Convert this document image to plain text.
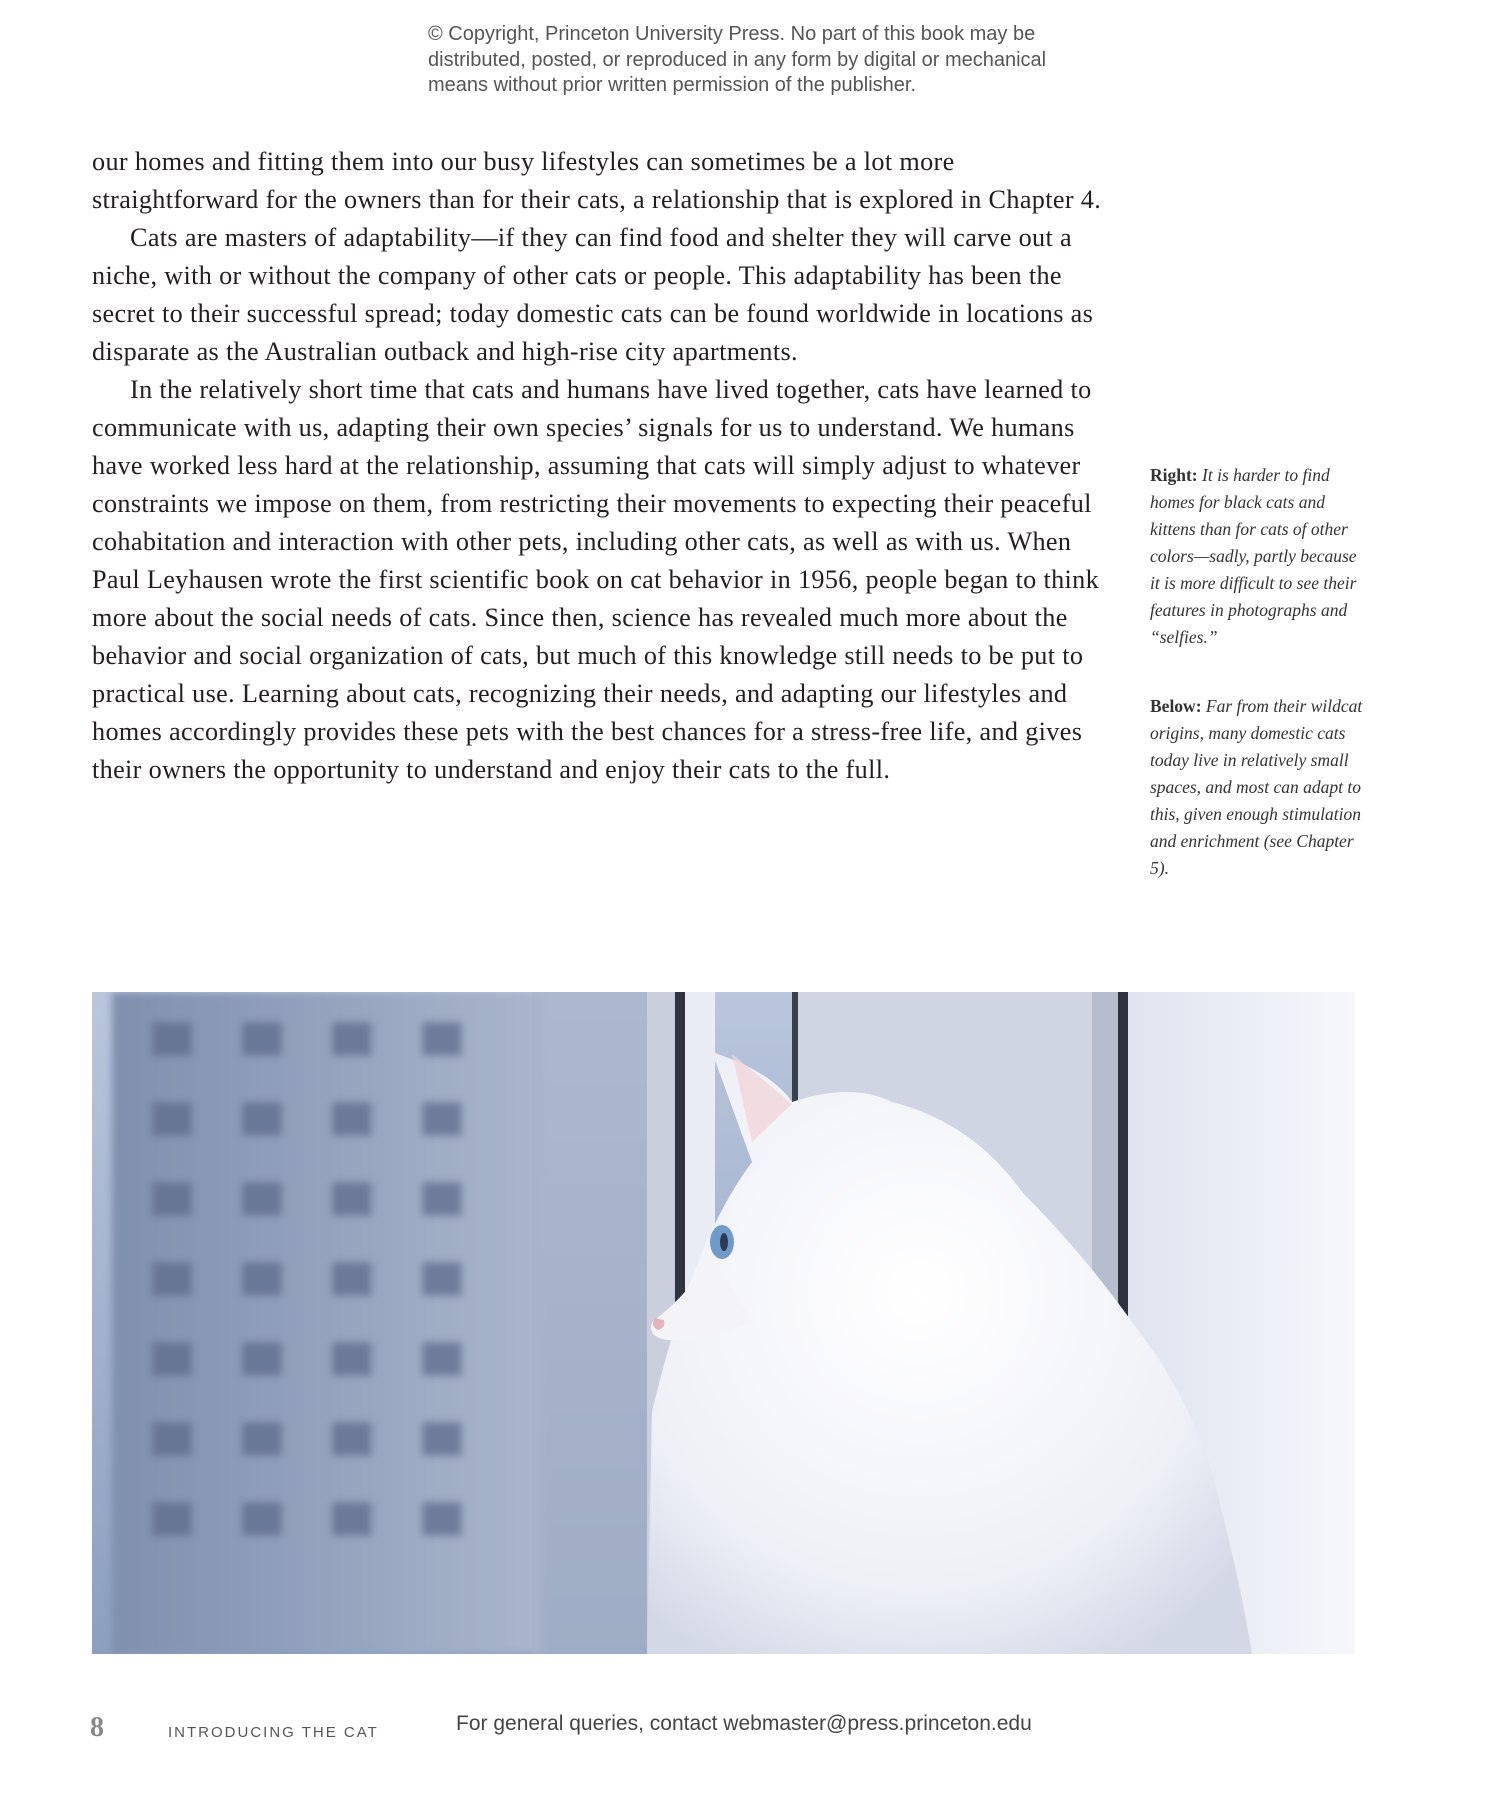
© Copyright, Princeton University Press. No part of this book may be
distributed, posted, or reproduced in any form by digital or mechanical
means without prior written permission of the publisher.

our homes and fitting them into our busy lifestyles can sometimes be a lot more straightforward for the owners than for their cats, a relationship that is explored in Chapter 4.

Cats are masters of adaptability—if they can find food and shelter they will carve out a niche, with or without the company of other cats or people. This adaptability has been the secret to their successful spread; today domestic cats can be found worldwide in locations as disparate as the Australian outback and high-rise city apartments.

In the relatively short time that cats and humans have lived together, cats have learned to communicate with us, adapting their own species’ signals for us to understand. We humans have worked less hard at the relationship, assuming that cats will simply adjust to whatever constraints we impose on them, from restricting their movements to expecting their peaceful cohabitation and interaction with other pets, including other cats, as well as with us. When Paul Leyhausen wrote the first scientific book on cat behavior in 1956, people began to think more about the social needs of cats. Since then, science has revealed much more about the behavior and social organization of cats, but much of this knowledge still needs to be put to practical use. Learning about cats, recognizing their needs, and adapting our lifestyles and homes accordingly provides these pets with the best chances for a stress-free life, and gives their owners the opportunity to understand and enjoy their cats to the full.

Right: It is harder to find homes for black cats and kittens than for cats of other colors—sadly, partly because it is more difficult to see their features in photographs and “selfies.”
Below: Far from their wildcat origins, many domestic cats today live in relatively small spaces, and most can adapt to this, given enough stimulation and enrichment (see Chapter 5).
8	INTRODUCING THE CAT	For general queries, contact webmaster@press.princeton.edu
